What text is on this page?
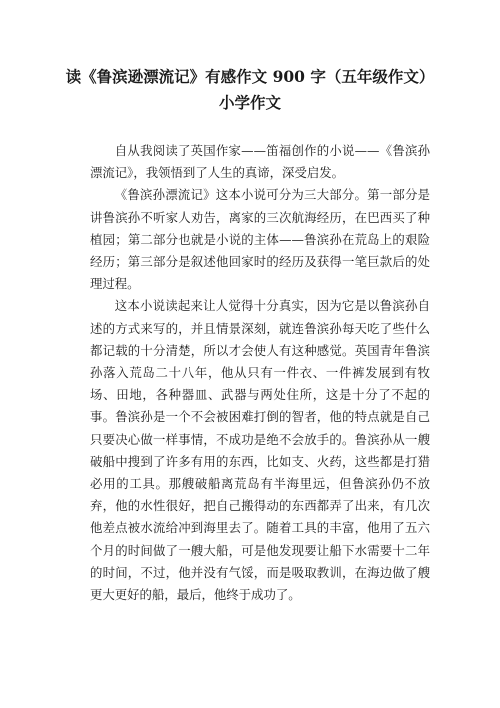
读《鲁滨逊漂流记》有感作文 900 字（五年级作文）
小学作文

自从我阅读了英国作家——笛福创作的小说——《鲁滨孙漂流记》，我领悟到了人生的真谛，深受启发。

《鲁滨孙漂流记》这本小说可分为三大部分。第一部分是讲鲁滨孙不听家人劝告，离家的三次航海经历，在巴西买了种植园；第二部分也就是小说的主体——鲁滨孙在荒岛上的艰险经历；第三部分是叙述他回家时的经历及获得一笔巨款后的处理过程。

这本小说读起来让人觉得十分真实，因为它是以鲁滨孙自述的方式来写的，并且情景深刻，就连鲁滨孙每天吃了些什么都记载的十分清楚，所以才会使人有这种感觉。英国青年鲁滨孙落入荒岛二十八年，他从只有一件衣、一件裤发展到有牧场、田地，各种器皿、武器与两处住所，这是十分了不起的事。鲁滨孙是一个不会被困难打倒的智者，他的特点就是自己只要决心做一样事情，不成功是绝不会放手的。鲁滨孙从一艘破船中搜到了许多有用的东西，比如支、火药，这些都是打猎必用的工具。那艘破船离荒岛有半海里远，但鲁滨孙仍不放弃，他的水性很好，把自己搬得动的东西都弄了出来，有几次他差点被水流给冲到海里去了。随着工具的丰富，他用了五六个月的时间做了一艘大船，可是他发现要让船下水需要十二年的时间，不过，他并没有气馁，而是吸取教训，在海边做了艘更大更好的船，最后，他终于成功了。
